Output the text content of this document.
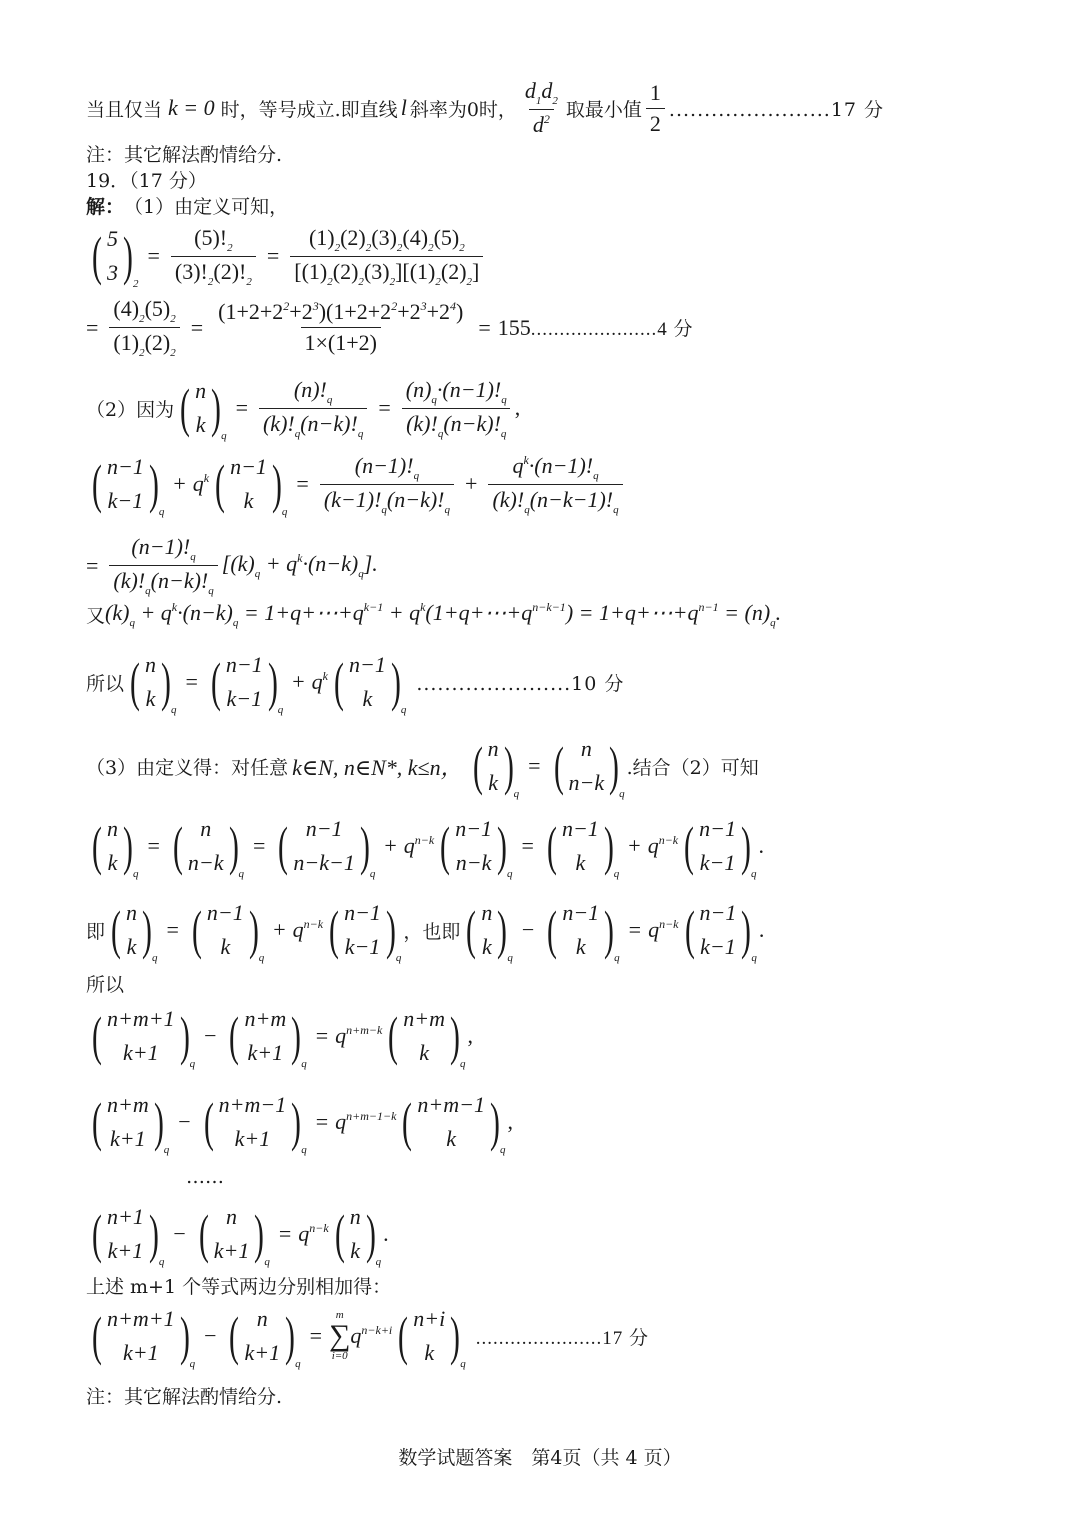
当且仅当 k = 0 时，等号成立.即直线 l 斜率为0时， $\frac{d_1d_2}{d^2}$ 取最小值 $\frac{1}{2} .......................17$ 分
注：其它解法酌情给分.
19．（17 分）
解： （1）由定义可知，
( 5
3 ) 2
= $\frac{(5)!_2}{(3)!_2(2)!_2} = \frac{(1)_2(2)_2(3)_2(4)_2(5)_2}{[(1)_2(2)_2(3)_2][(1)_2(2)_2]}$
= $\frac{(4)_2(5)_2}{(1)_2(2)_2} = \frac{(1+2+2^2+2^3)(1+2+2^2+2^3+2^4)}{1\times(1+2)} = 155$ ......................4 分
（2）因为 ( n
k ) q
= $\frac{(n)!_q}{(k)!_q(n-k)!_q} = \frac{(n)_q\cdot(n-1)!_q}{(k)!_q(n-k)!_q}$ ,
( n−1
k−1 ) q
+ $q^k$ ( n−1
k ) q
= $\frac{(n-1)!_q}{(k-1)!_q(n-k)!_q} + \frac{q^k\cdot(n-1)!_q}{(k)!_q(n-k-1)!_q}$
= $\frac{(n-1)!_q}{(k)!_q(n-k)!_q} [(k)_q + q^k\cdot(n-k)_q]$.
又 $(k)_q + q^k\cdot(n-k)_q$ = $1+q+\cdots+q^{k-1}$ + $q^k(1+q+\cdots+q^{n-k-1})$ = $1+q+\cdots+q^{n-1} = (n)_q$.
所以 ( n
k ) q
= ( n−1
k−1 ) q
+ $q^k$ ( n−1
k ) q
......................10 分
（3）由定义得：对任意 k∈N, n∈N*, k≤n， ( n
k ) q
= ( n
n−k ) q
.结合（2）可知
( n
k ) q
= ( n
n−k ) q
= ( n−1
n−k−1 ) q
+ $q^{n-k}$ ( n−1
n−k ) q
= ( n−1
k ) q
+ $q^{n-k}$ ( n−1
k−1 ) q
.
即 ( n
k ) q
= ( n−1
k ) q
+ $q^{n-k}$ ( n−1
k−1 ) q
，也即 ( n
k ) q
− ( n−1
k ) q
= $q^{n-k}$ ( n−1
k−1 ) q
.
所以
( n+m+1
k+1 ) q
− ( n+m
k+1 ) q
= $q^{n+m-k}$ ( n+m
k ) q
,
( n+m
k+1 ) q
− ( n+m−1
k+1 ) q
= $q^{n+m-1-k}$ ( n+m−1
k ) q
,
……
( n+1
k+1 ) q
− ( n
k+1 ) q
= $q^{n-k}$ ( n
k ) q
.
上述 m+1 个等式两边分别相加得：
( n+m+1
k+1 ) q
− ( n
k+1 ) q
=
m
∑
i=0
$q^{n-k+i}$ ( n+i
k ) q
......................17 分
注：其它解法酌情给分.
数学试题答案　第4页（共 4 页）
